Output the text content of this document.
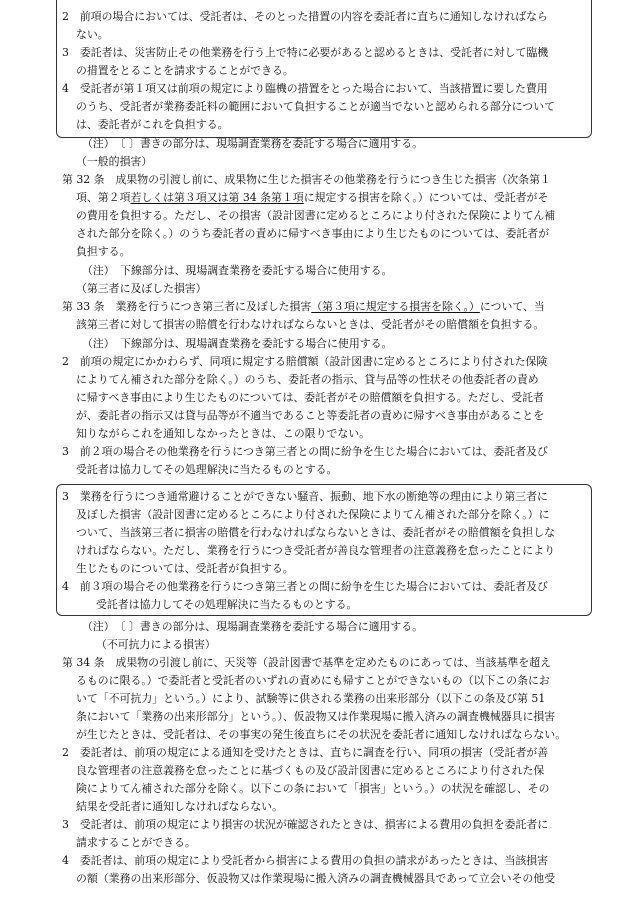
2　前項の場合においては、受託者は、そのとった措置の内容を委託者に直ちに通知しなければなら
ない。
3　委託者は、災害防止その他業務を行う上で特に必要があると認めるときは、受託者に対して臨機
の措置をとることを請求することができる。
4　受託者が第１項又は前項の規定により臨機の措置をとった場合において、当該措置に要した費用
のうち、受託者が業務委託料の範囲において負担することが適当でないと認められる部分について
は、委託者がこれを負担する。
（注）　〔 〕書きの部分は、現場調査業務を委託する場合に適用する。
（一般的損害）
第 32 条　成果物の引渡し前に、成果物に生じた損害その他業務を行うにつき生じた損害（次条第１
項、第２項若しくは第３項又は第 34 条第１項に規定する損害を除く。）については、受託者がそ
の費用を負担する。ただし、その損害（設計図書に定めるところにより付された保険によりてん補
された部分を除く。）のうち委託者の責めに帰すべき事由により生じたものについては、委託者が
負担する。
（注）　下線部分は、現場調査業務を委託する場合に使用する。
（第三者に及ぼした損害）
第 33 条　業務を行うにつき第三者に及ぼした損害（第３項に規定する損害を除く。）について、当
該第三者に対して損害の賠償を行わなければならないときは、受託者がその賠償額を負担する。
（注）　下線部分は、現場調査業務を委託する場合に使用する。
2　前項の規定にかかわらず、同項に規定する賠償額（設計図書に定めるところにより付された保険
によりてん補された部分を除く。）のうち、委託者の指示、貸与品等の性状その他委託者の責め
に帰すべき事由により生じたものについては、委託者がその賠償額を負担する。ただし、受託者
が、委託者の指示又は貸与品等が不適当であること等委託者の責めに帰すべき事由があることを
知りながらこれを通知しなかったときは、この限りでない。
3　前２項の場合その他業務を行うにつき第三者との間に紛争を生じた場合においては、委託者及び
受託者は協力してその処理解決に当たるものとする。
3　業務を行うにつき通常避けることができない騒音、振動、地下水の断絶等の理由により第三者に
及ぼした損害（設計図書に定めるところにより付された保険によりてん補された部分を除く。）に
ついて、当該第三者に損害の賠償を行わなければならないときは、委託者がその賠償額を負担しな
ければならない。ただし、業務を行うにつき受託者が善良な管理者の注意義務を怠ったことにより
生じたものについては、受託者が負担する。
4　前３項の場合その他業務を行うにつき第三者との間に紛争を生じた場合においては、委託者及び
受託者は協力してその処理解決に当たるものとする。
（注）　〔 〕書きの部分は、現場調査業務を委託する場合に適用する。
（不可抗力による損害）
第 34 条　成果物の引渡し前に、天災等（設計図書で基準を定めたものにあっては、当該基準を超え
るものに限る。）で委託者と受託者のいずれの責めにも帰すことができないもの（以下この条にお
いて「不可抗力」という。）により、試験等に供される業務の出来形部分（以下この条及び第 51
条において「業務の出来形部分」という。）、仮設物又は作業現場に搬入済みの調査機械器具に損害
が生じたときは、受託者は、その事実の発生後直ちにその状況を委託者に通知しなければならない。
2　委託者は、前項の規定による通知を受けたときは、直ちに調査を行い、同項の損害（受託者が善
良な管理者の注意義務を怠ったことに基づくもの及び設計図書に定めるところにより付された保
険によりてん補された部分を除く。以下この条において「損害」という。）の状況を確認し、その
結果を受託者に通知しなければならない。
3　受託者は、前項の規定により損害の状況が確認されたときは、損害による費用の負担を委託者に
請求することができる。
4　委託者は、前項の規定により受託者から損害による費用の負担の請求があったときは、当該損害
の額（業務の出来形部分、仮設物又は作業現場に搬入済みの調査機械器具であって立会いその他受
